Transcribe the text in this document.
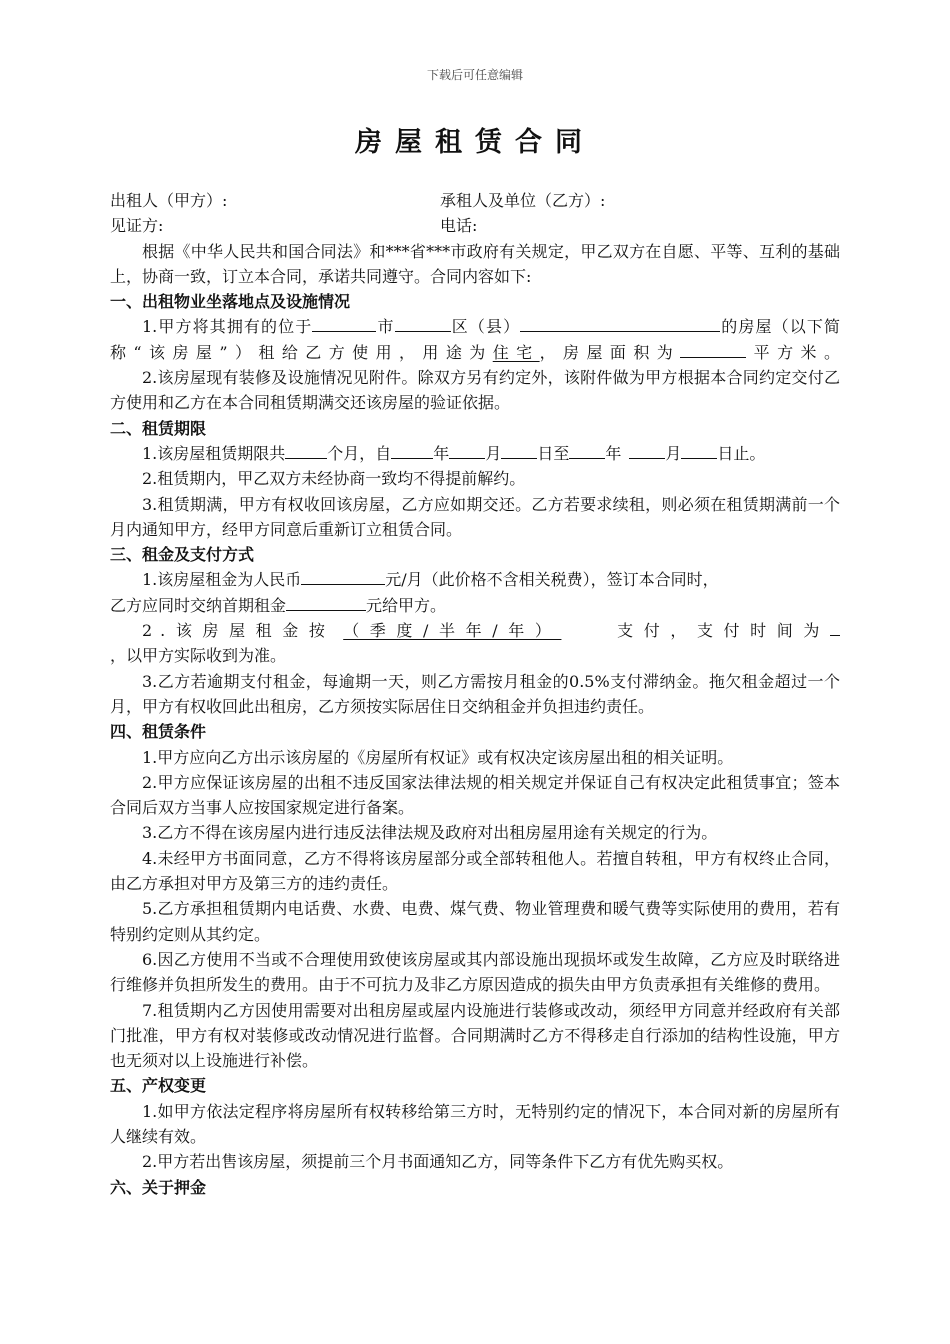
下载后可任意编辑
房屋租赁合同
出租人（甲方）:	承租人及单位（乙方）:
见证方:	电话:

根据《中华人民共和国合同法》和***省***市政府有关规定，甲乙双方在自愿、平等、互利的基础上，协商一致，订立本合同，承诺共同遵守。合同内容如下:

一、出租物业坐落地点及设施情况

1.甲方将其拥有的位于	市	区（县）	的房屋（以下简称“该房屋”）租给乙方使用，用途为住宅，房屋面积为	平方米。

2.该房屋现有装修及设施情况见附件。除双方另有约定外，该附件做为甲方根据本合同约定交付乙方使用和乙方在本合同租赁期满交还该房屋的验证依据。

二、租赁期限

1.该房屋租赁期限共	个月，自	年 月 日至 年	月 日止。

2.租赁期内，甲乙双方未经协商一致均不得提前解约。

3.租赁期满，甲方有权收回该房屋，乙方应如期交还。乙方若要求续租，则必须在租赁期满前一个月内通知甲方，经甲方同意后重新订立租赁合同。

三、租金及支付方式

1.该房屋租金为人民币	元/月（此价格不含相关税费），签订本合同时，

乙方应同时交纳首期租金	元给甲方。

2.该房屋租金按 （季度/半年/年）	支付，支付时间为

，以甲方实际收到为准。

3.乙方若逾期支付租金，每逾期一天，则乙方需按月租金的0.5%支付滞纳金。拖欠租金超过一个月，甲方有权收回此出租房，乙方须按实际居住日交纳租金并负担违约责任。

四、租赁条件

1.甲方应向乙方出示该房屋的《房屋所有权证》或有权决定该房屋出租的相关证明。

2.甲方应保证该房屋的出租不违反国家法律法规的相关规定并保证自己有权决定此租赁事宜；签本合同后双方当事人应按国家规定进行备案。

3.乙方不得在该房屋内进行违反法律法规及政府对出租房屋用途有关规定的行为。

4.未经甲方书面同意，乙方不得将该房屋部分或全部转租他人。若擅自转租，甲方有权终止合同，由乙方承担对甲方及第三方的违约责任。

5.乙方承担租赁期内电话费、水费、电费、煤气费、物业管理费和暖气费等实际使用的费用，若有特别约定则从其约定。

6.因乙方使用不当或不合理使用致使该房屋或其内部设施出现损坏或发生故障，乙方应及时联络进行维修并负担所发生的费用。由于不可抗力及非乙方原因造成的损失由甲方负责承担有关维修的费用。

7.租赁期内乙方因使用需要对出租房屋或屋内设施进行装修或改动，须经甲方同意并经政府有关部门批准，甲方有权对装修或改动情况进行监督。合同期满时乙方不得移走自行添加的结构性设施，甲方也无须对以上设施进行补偿。

五、产权变更

1.如甲方依法定程序将房屋所有权转移给第三方时，无特别约定的情况下，本合同对新的房屋所有人继续有效。

2.甲方若出售该房屋，须提前三个月书面通知乙方，同等条件下乙方有优先购买权。

六、关于押金
